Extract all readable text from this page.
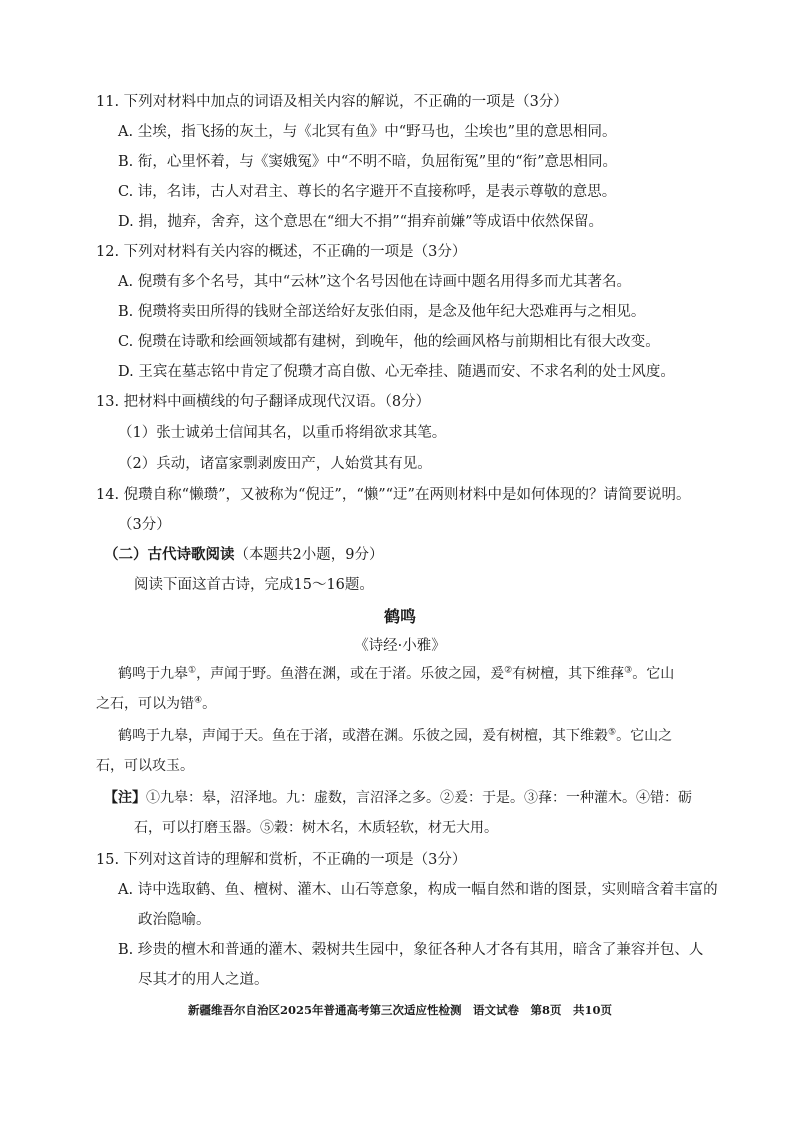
11. 下列对材料中加点的词语及相关内容的解说，不正确的一项是（3分）
A. 尘埃，指飞扬的灰土，与《北冥有鱼》中“野马也，尘埃也”里的意思相同。
B. 衔，心里怀着，与《窦娥冤》中“不明不暗，负屈衔冤”里的“衔”意思相同。
C. 讳，名讳，古人对君主、尊长的名字避开不直接称呼，是表示尊敬的意思。
D. 捐，抛弃，舍弃，这个意思在“细大不捐”“捐弃前嫌”等成语中依然保留。
12. 下列对材料有关内容的概述，不正确的一项是（3分）
A. 倪瓒有多个名号，其中“云林”这个名号因他在诗画中题名用得多而尤其著名。
B. 倪瓒将卖田所得的钱财全部送给好友张伯雨，是念及他年纪大恐难再与之相见。
C. 倪瓒在诗歌和绘画领域都有建树，到晚年，他的绘画风格与前期相比有很大改变。
D. 王宾在墓志铭中肯定了倪瓒才高自傲、心无牵挂、随遇而安、不求名利的处士风度。
13. 把材料中画横线的句子翻译成现代汉语。（8分）
（1）张士诚弟士信闻其名，以重币将绢欲求其笔。
（2）兵动，诸富家剽剥废田产，人始赏其有见。
14. 倪瓒自称“懒瓒”，又被称为“倪迂”，“懒”“迂”在两则材料中是如何体现的？请简要说明。
（3分）
（二）古代诗歌阅读（本题共2小题，9分）
阅读下面这首古诗，完成15～16题。
鹤鸣
《诗经·小雅》
鹤鸣于九皋①，声闻于野。鱼潜在渊，或在于渚。乐彼之园，爰②有树檀，其下维萚③。它山
之石，可以为错④。
鹤鸣于九皋，声闻于天。鱼在于渚，或潜在渊。乐彼之园，爰有树檀，其下维穀⑤。它山之
石，可以攻玉。
【注】①九皋：皋，沼泽地。九：虚数，言沼泽之多。②爰：于是。③萚：一种灌木。④错：砺
石，可以打磨玉器。⑤穀：树木名，木质轻软，材无大用。
15. 下列对这首诗的理解和赏析，不正确的一项是（3分）
A. 诗中选取鹤、鱼、檀树、灌木、山石等意象，构成一幅自然和谐的图景，实则暗含着丰富的
政治隐喻。
B. 珍贵的檀木和普通的灌木、榖树共生园中，象征各种人才各有其用，暗含了兼容并包、人
尽其才的用人之道。
新疆维吾尔自治区2025年普通高考第三次适应性检测　语文试卷　第8页　共10页
